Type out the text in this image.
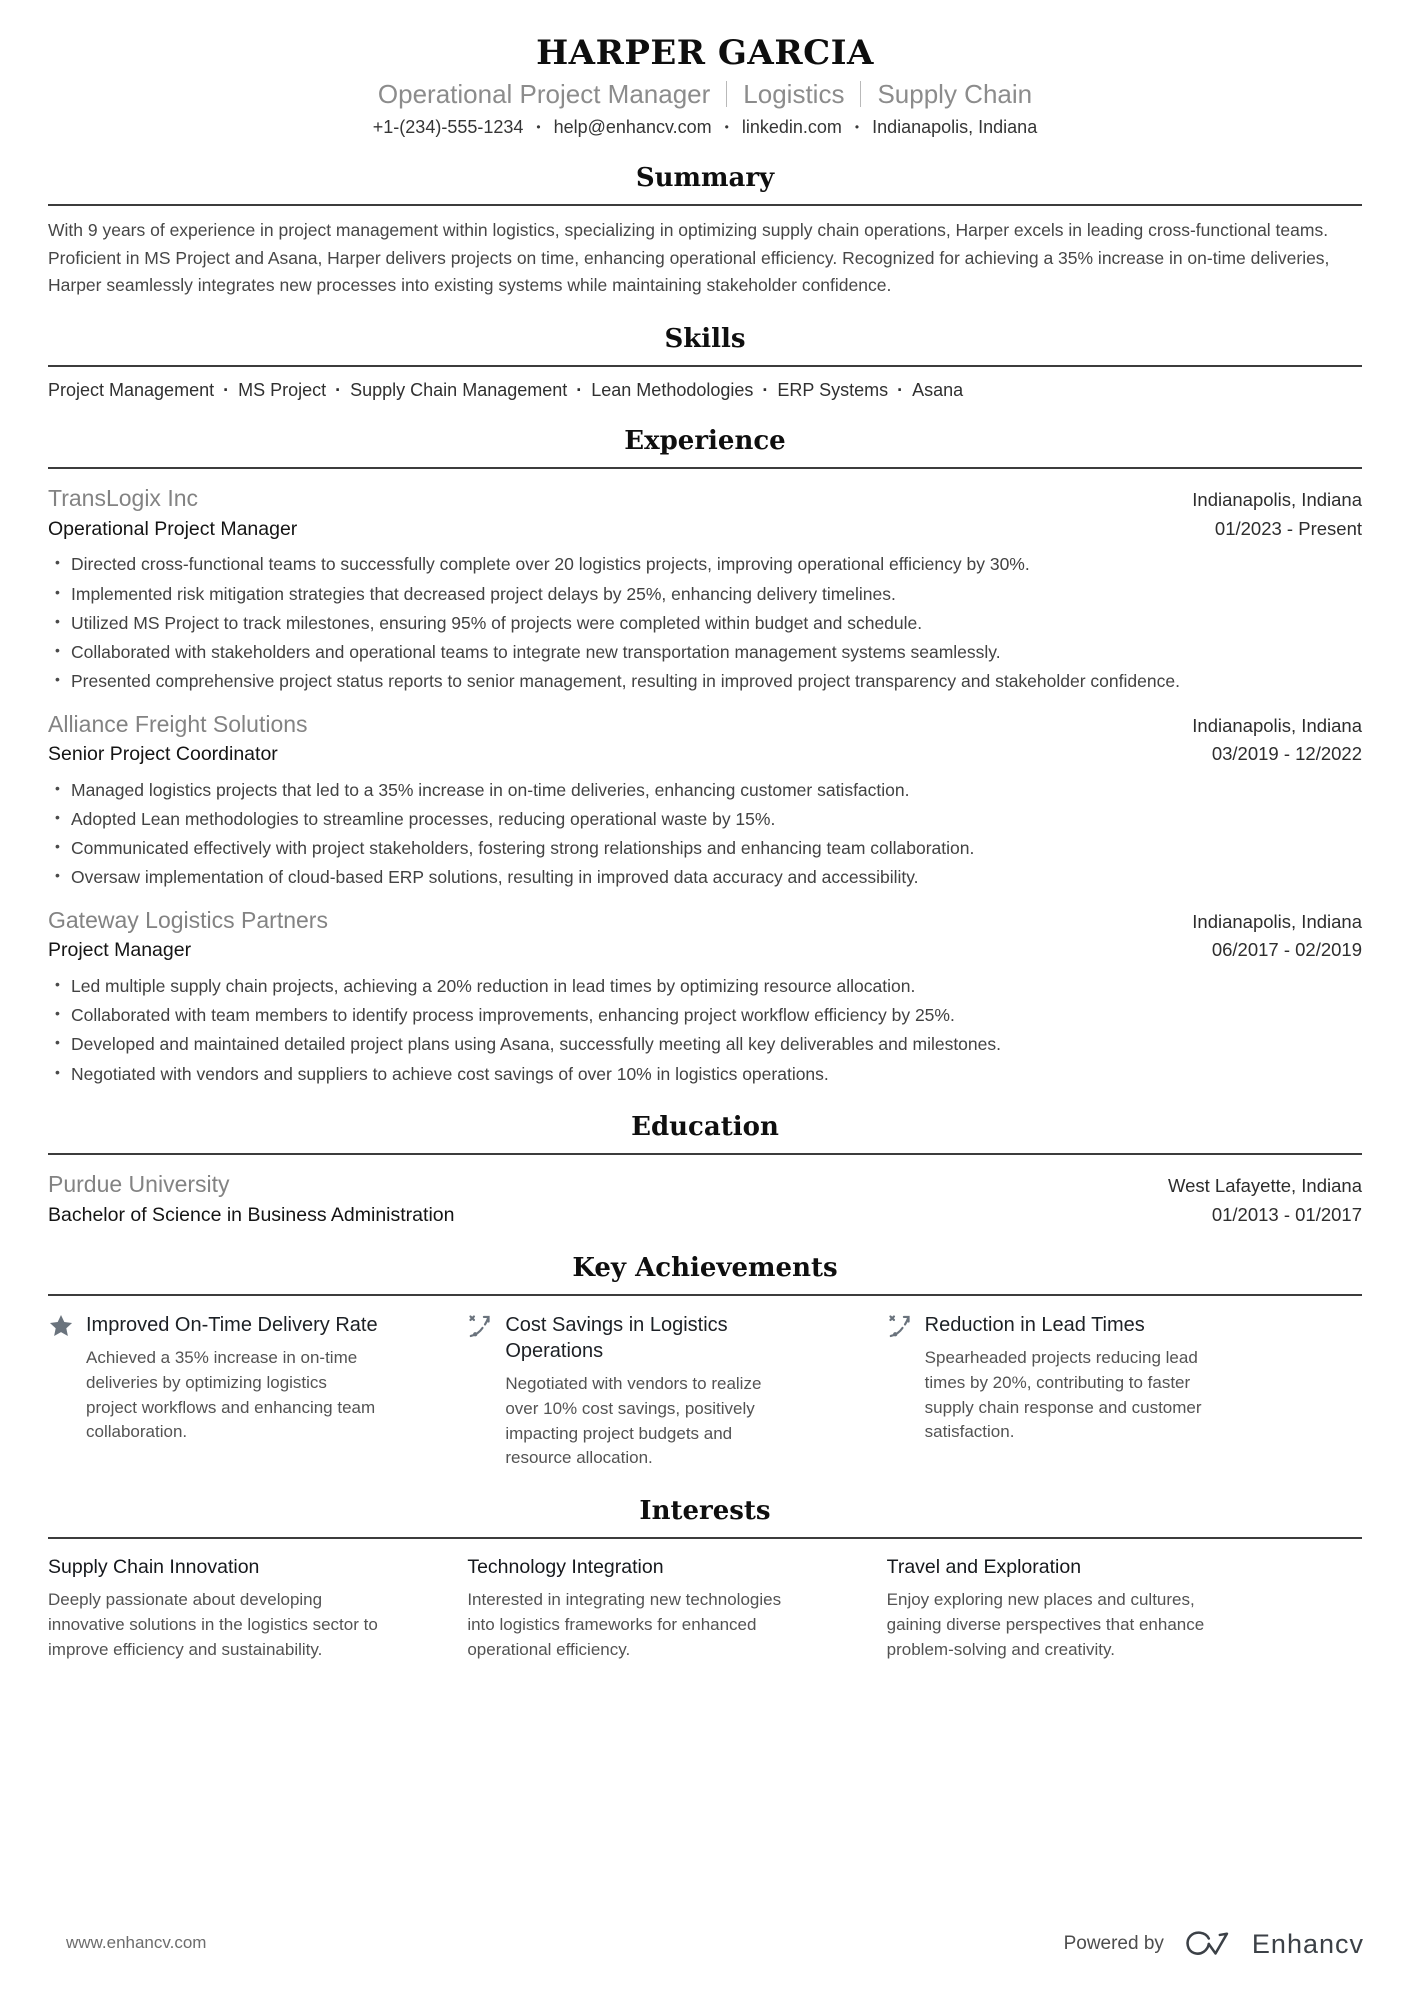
HARPER GARCIA
Operational Project Manager Logistics Supply Chain
+1-(234)-555-1234 • help@enhancv.com • linkedin.com • Indianapolis, Indiana
Summary

With 9 years of experience in project management within logistics, specializing in optimizing supply chain operations, Harper excels in leading cross-functional teams. Proficient in MS Project and Asana, Harper delivers projects on time, enhancing operational efficiency. Recognized for achieving a 35% increase in on-time deliveries, Harper seamlessly integrates new processes into existing systems while maintaining stakeholder confidence.

Skills
Project Management · MS Project · Supply Chain Management · Lean Methodologies · ERP Systems · Asana
Experience
TransLogix Inc	Indianapolis, Indiana
Operational Project Manager	01/2023 - Present
• Directed cross-functional teams to successfully complete over 20 logistics projects, improving operational efficiency by 30%.
• Implemented risk mitigation strategies that decreased project delays by 25%, enhancing delivery timelines.
• Utilized MS Project to track milestones, ensuring 95% of projects were completed within budget and schedule.
• Collaborated with stakeholders and operational teams to integrate new transportation management systems seamlessly.
• Presented comprehensive project status reports to senior management, resulting in improved project transparency and stakeholder confidence.
Alliance Freight Solutions	Indianapolis, Indiana
Senior Project Coordinator	03/2019 - 12/2022
• Managed logistics projects that led to a 35% increase in on-time deliveries, enhancing customer satisfaction.
• Adopted Lean methodologies to streamline processes, reducing operational waste by 15%.
• Communicated effectively with project stakeholders, fostering strong relationships and enhancing team collaboration.
• Oversaw implementation of cloud-based ERP solutions, resulting in improved data accuracy and accessibility.
Gateway Logistics Partners	Indianapolis, Indiana
Project Manager	06/2017 - 02/2019
• Led multiple supply chain projects, achieving a 20% reduction in lead times by optimizing resource allocation.
• Collaborated with team members to identify process improvements, enhancing project workflow efficiency by 25%.
• Developed and maintained detailed project plans using Asana, successfully meeting all key deliverables and milestones.
• Negotiated with vendors and suppliers to achieve cost savings of over 10% in logistics operations.
Education
Purdue University	West Lafayette, Indiana
Bachelor of Science in Business Administration	01/2013 - 01/2017
Key Achievements
Improved On-Time Delivery Rate
Achieved a 35% increase in on-time deliveries by optimizing logistics project workflows and enhancing team collaboration.
Cost Savings in Logistics Operations
Negotiated with vendors to realize over 10% cost savings, positively impacting project budgets and resource allocation.
Reduction in Lead Times
Spearheaded projects reducing lead times by 20%, contributing to faster supply chain response and customer satisfaction.
Interests
Supply Chain Innovation
Deeply passionate about developing innovative solutions in the logistics sector to improve efficiency and sustainability.
Technology Integration
Interested in integrating new technologies into logistics frameworks for enhanced operational efficiency.
Travel and Exploration
Enjoy exploring new places and cultures, gaining diverse perspectives that enhance problem-solving and creativity.
www.enhancv.com	Powered by	Enhancv
